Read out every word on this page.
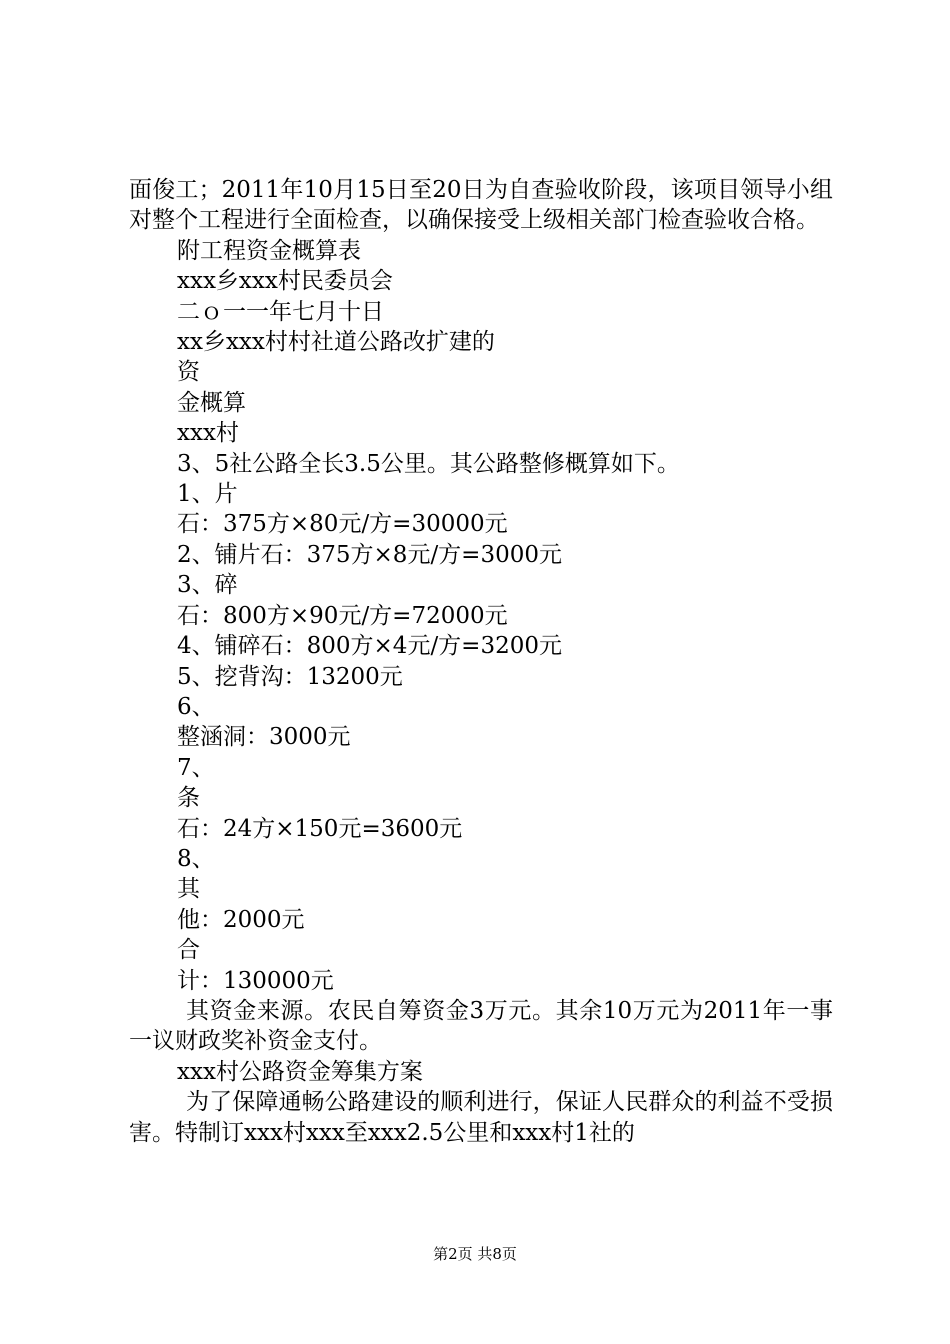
面俊工；2011年10月15日至20日为自查验收阶段，该项目领导小组对整个工程进行全面检查，以确保接受上级相关部门检查验收合格。

附工程资金概算表

xxx乡xxx村民委员会

二ｏ一一年七月十日

xx乡xxx村村社道公路改扩建的

资

金概算

xxx村

3、5社公路全长3.5公里。其公路整修概算如下。

1、片

石：375方×80元/方=30000元

2、铺片石：375方×8元/方=3000元

3、碎

石：800方×90元/方=72000元

4、铺碎石：800方×4元/方=3200元

5、挖背沟：13200元

6、

整涵洞：3000元

7、

条

石：24方×150元=3600元

8、

其

他：2000元

合

计：130000元

其资金来源。农民自筹资金3万元。其余10万元为2011年一事一议财政奖补资金支付。

xxx村公路资金筹集方案

为了保障通畅公路建设的顺利进行，保证人民群众的利益不受损害。特制订xxx村xxx至xxx2.5公里和xxx村1社的

第2页 共8页
